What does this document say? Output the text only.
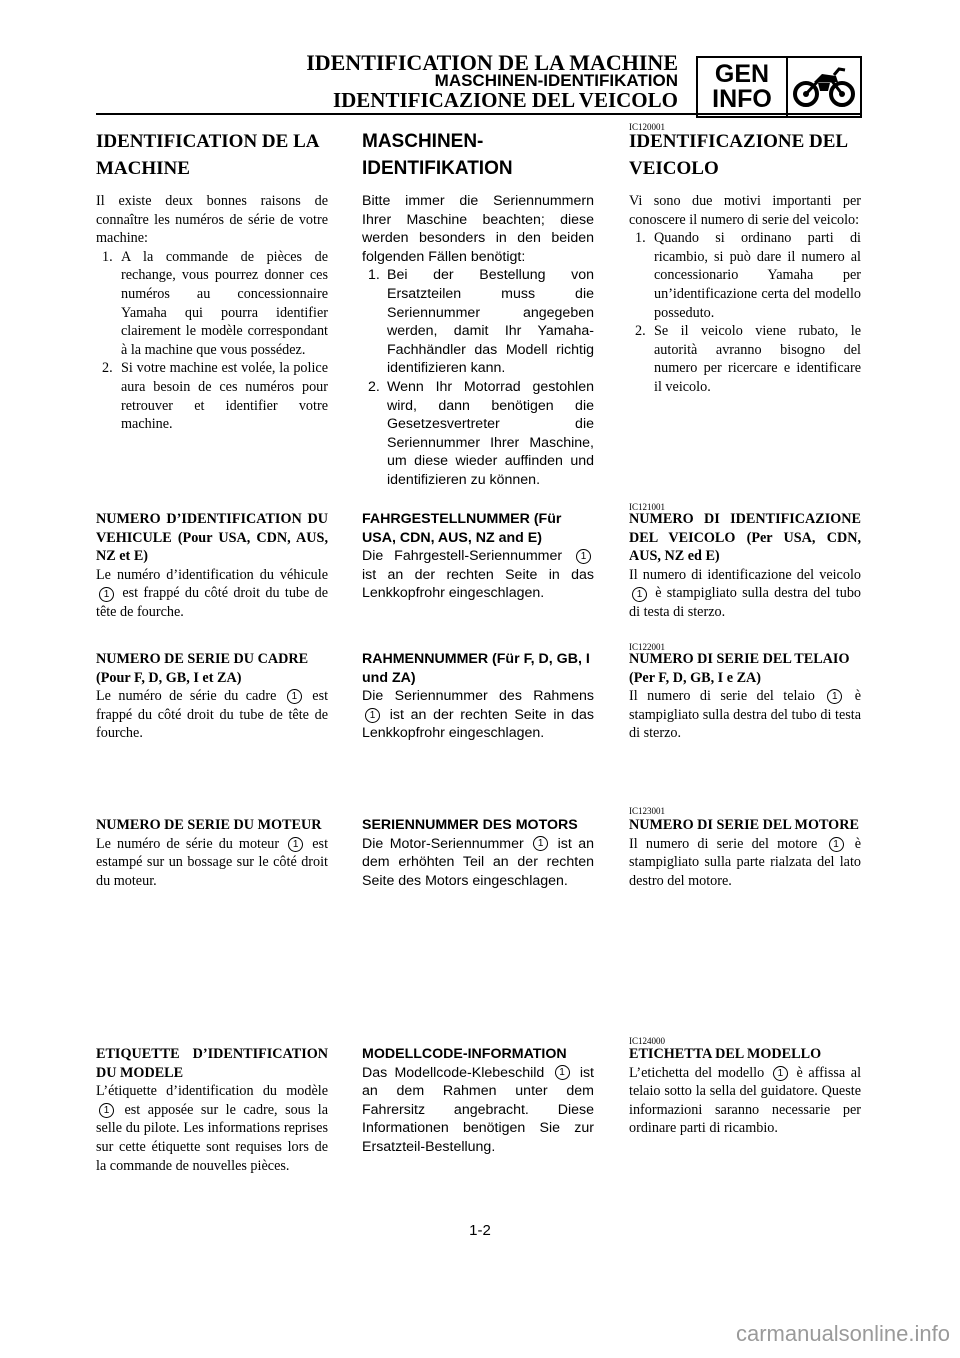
IDENTIFICATION DE LA MACHINE
MASCHINEN-IDENTIFIKATION
IDENTIFICAZIONE DEL VEICOLO
GEN
INFO
IC120001
IC121001
IC122001
IC123001
IC124000
IDENTIFICATION DE LA MACHINE

Il existe deux bonnes raisons de connaître les numéros de série de votre machine:

1. A la commande de pièces de rechange, vous pourrez donner ces numéros au concessionnaire Yamaha qui pourra identifier clairement le modèle correspondant à la machine que vous possédez.
2. Si votre machine est volée, la police aura besoin de ces numéros pour retrouver et identifier votre machine.

NUMERO D’IDENTIFICATION DU VEHICULE (Pour USA, CDN, AUS, NZ et E)

Le numéro d’identification du véhicule 1 est frappé du côté droit du tube de tête de fourche.

NUMERO DE SERIE DU CADRE (Pour F, D, GB, I et ZA)

Le numéro de série du cadre 1 est frappé du côté droit du tube de tête de fourche.

NUMERO DE SERIE DU MOTEUR

Le numéro de série du moteur 1 est estampé sur un bossage sur le côté droit du moteur.

ETIQUETTE D’IDENTIFICATION DU MODELE

L’étiquette d’identification du modèle 1 est apposée sur le cadre, sous la selle du pilote. Les informations reprises sur cette étiquette sont requises lors de la commande de nouvelles pièces.

MASCHINEN-IDENTIFIKATION

Bitte immer die Seriennummern Ihrer Maschine beachten; diese werden besonders in den beiden folgenden Fällen benötigt:

1. Bei der Bestellung von Ersatzteilen muss die Seriennummer angegeben werden, damit Ihr Yamaha-Fachhändler das Modell richtig identifizieren kann.
2. Wenn Ihr Motorrad gestohlen wird, dann benötigen die Gesetzesvertreter die Seriennummer Ihrer Maschine, um diese wieder auffinden und identifizieren zu können.

FAHRGESTELLNUMMER (Für USA, CDN, AUS, NZ and E)

Die Fahrgestell-Seriennummer 1 ist an der rechten Seite in das Lenkkopfrohr eingeschlagen.

RAHMENNUMMER (Für F, D, GB, I und ZA)

Die Seriennummer des Rahmens 1 ist an der rechten Seite in das Lenkkopfrohr eingeschlagen.

SERIENNUMMER DES MOTORS

Die Motor-Seriennummer 1 ist an dem erhöhten Teil an der rechten Seite des Motors eingeschlagen.

MODELLCODE-INFORMATION

Das Modellcode-Klebeschild 1 ist an dem Rahmen unter dem Fahrersitz angebracht. Diese Informationen benötigen Sie zur Ersatzteil-Bestellung.

IDENTIFICAZIONE DEL VEICOLO

Vi sono due motivi importanti per conoscere il numero di serie del veicolo:

1. Quando si ordinano parti di ricambio, si può dare il numero al concessionario Yamaha per un’identificazione certa del modello posseduto.
2. Se il veicolo viene rubato, le autorità avranno bisogno del numero per ricercare e identificare il veicolo.

NUMERO DI IDENTIFICAZIONE DEL VEICOLO (Per USA, CDN, AUS, NZ ed E)

Il numero di identificazione del veicolo 1 è stampigliato sulla destra del tubo di testa di sterzo.

NUMERO DI SERIE DEL TELAIO (Per F, D, GB, I e ZA)

Il numero di serie del telaio 1 è stampigliato sulla destra del tubo di testa di sterzo.

NUMERO DI SERIE DEL MOTORE

Il numero di serie del motore 1 è stampigliato sulla parte rialzata del lato destro del motore.

ETICHETTA DEL MODELLO

L’etichetta del modello 1 è affissa al telaio sotto la sella del guidatore. Queste informazioni saranno necessarie per ordinare parti di ricambio.

1-2
carmanualsonline.info
